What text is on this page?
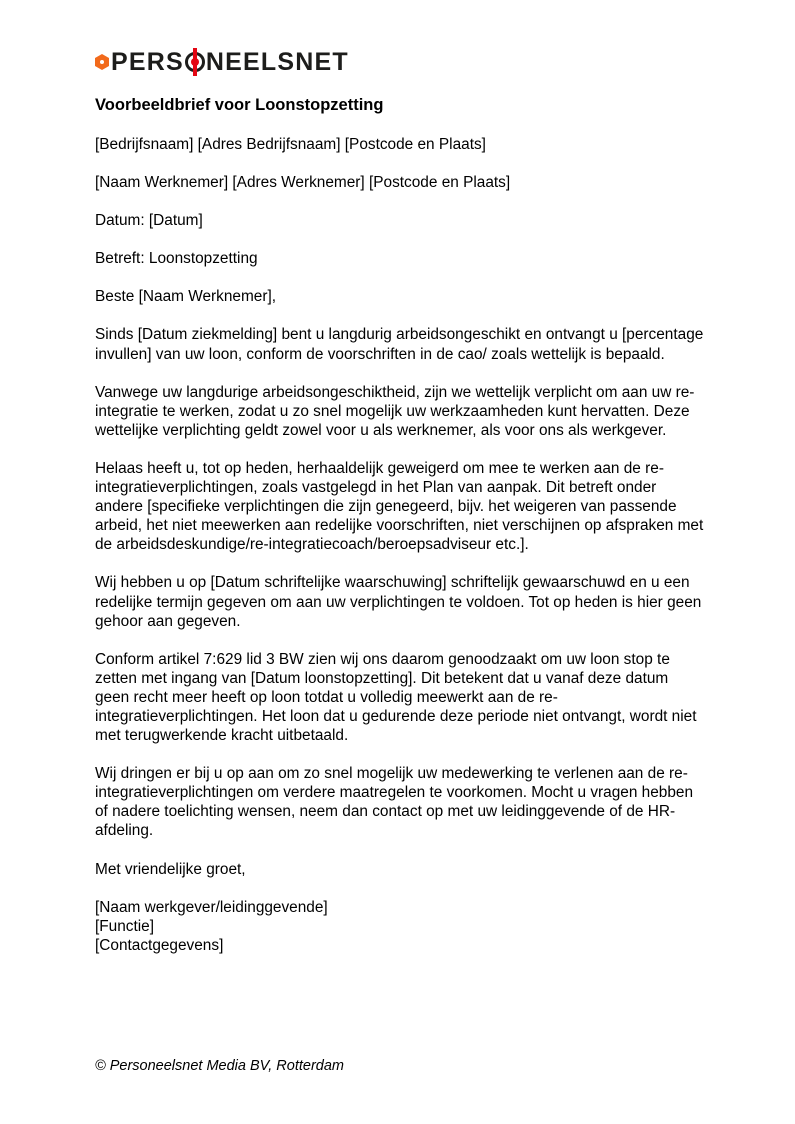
PERS NEELSNET
Voorbeeldbrief voor Loonstopzetting
[Bedrijfsnaam] [Adres Bedrijfsnaam] [Postcode en Plaats]
[Naam Werknemer] [Adres Werknemer] [Postcode en Plaats]
Datum: [Datum]
Betreft: Loonstopzetting
Beste [Naam Werknemer],
Sinds [Datum ziekmelding] bent u langdurig arbeidsongeschikt en ontvangt u [percentage invullen] van uw loon, conform de voorschriften in de cao/ zoals wettelijk is bepaald.
Vanwege uw langdurige arbeidsongeschiktheid, zijn we wettelijk verplicht om aan uw re-integratie te werken, zodat u zo snel mogelijk uw werkzaamheden kunt hervatten. Deze wettelijke verplichting geldt zowel voor u als werknemer, als voor ons als werkgever.
Helaas heeft u, tot op heden, herhaaldelijk geweigerd om mee te werken aan de re-integratieverplichtingen, zoals vastgelegd in het Plan van aanpak. Dit betreft onder andere [specifieke verplichtingen die zijn genegeerd, bijv. het weigeren van passende arbeid, het niet meewerken aan redelijke voorschriften, niet verschijnen op afspraken met de arbeidsdeskundige/re-integratiecoach/beroepsadviseur etc.].
Wij hebben u op [Datum schriftelijke waarschuwing] schriftelijk gewaarschuwd en u een redelijke termijn gegeven om aan uw verplichtingen te voldoen. Tot op heden is hier geen gehoor aan gegeven.
Conform artikel 7:629 lid 3 BW zien wij ons daarom genoodzaakt om uw loon stop te zetten met ingang van [Datum loonstopzetting]. Dit betekent dat u vanaf deze datum geen recht meer heeft op loon totdat u volledig meewerkt aan de re-integratieverplichtingen. Het loon dat u gedurende deze periode niet ontvangt, wordt niet met terugwerkende kracht uitbetaald.
Wij dringen er bij u op aan om zo snel mogelijk uw medewerking te verlenen aan de re-integratieverplichtingen om verdere maatregelen te voorkomen. Mocht u vragen hebben of nadere toelichting wensen, neem dan contact op met uw leidinggevende of de HR-afdeling.
Met vriendelijke groet,
[Naam werkgever/leidinggevende]
[Functie]
[Contactgegevens]
© Personeelsnet Media BV, Rotterdam
